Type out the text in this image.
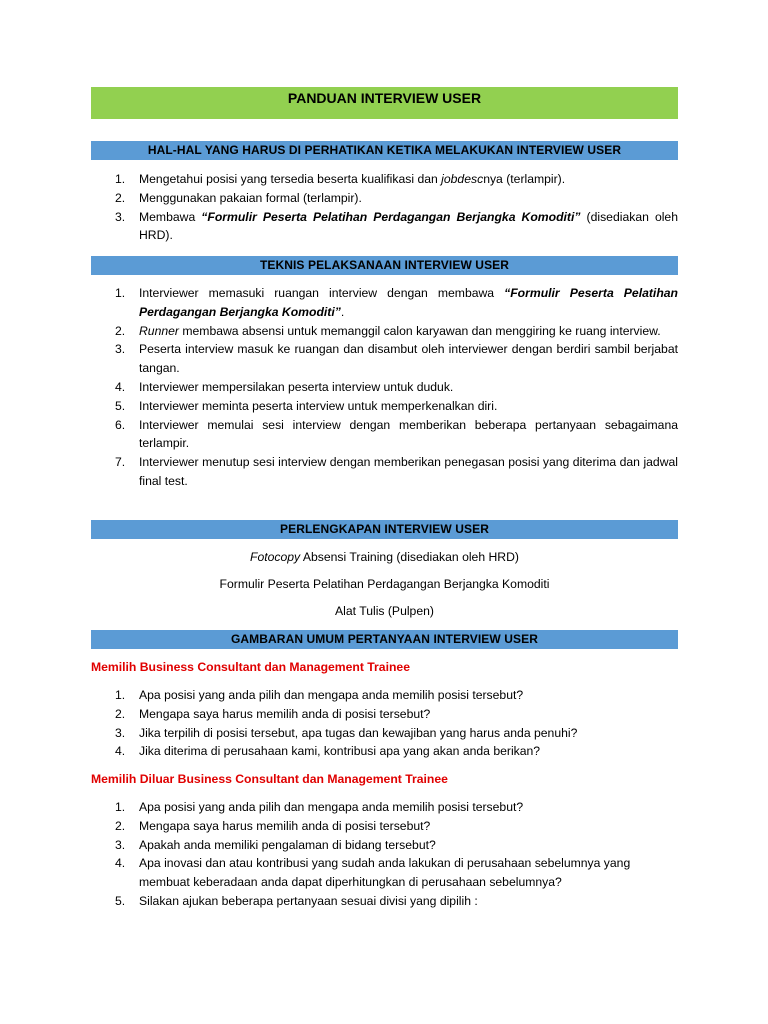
PANDUAN INTERVIEW USER
HAL-HAL YANG HARUS DI PERHATIKAN KETIKA MELAKUKAN INTERVIEW USER
1. Mengetahui posisi yang tersedia beserta kualifikasi dan jobdescnya (terlampir).
2. Menggunakan pakaian formal (terlampir).
3. Membawa “Formulir Peserta Pelatihan Perdagangan Berjangka Komoditi” (disediakan oleh HRD).
TEKNIS PELAKSANAAN INTERVIEW USER
1. Interviewer memasuki ruangan interview dengan membawa “Formulir Peserta Pelatihan Perdagangan Berjangka Komoditi”.
2. Runner membawa absensi untuk memanggil calon karyawan dan menggiring ke ruang interview.
3. Peserta interview masuk ke ruangan dan disambut oleh interviewer dengan berdiri sambil berjabat tangan.
4. Interviewer mempersilakan peserta interview untuk duduk.
5. Interviewer meminta peserta interview untuk memperkenalkan diri.
6. Interviewer memulai sesi interview dengan memberikan beberapa pertanyaan sebagaimana terlampir.
7. Interviewer menutup sesi interview dengan memberikan penegasan posisi yang diterima dan jadwal final test.
PERLENGKAPAN INTERVIEW USER
Fotocopy Absensi Training (disediakan oleh HRD)
Formulir Peserta Pelatihan Perdagangan Berjangka Komoditi
Alat Tulis (Pulpen)
GAMBARAN UMUM PERTANYAAN INTERVIEW USER
Memilih Business Consultant dan Management Trainee
1. Apa posisi yang anda pilih dan mengapa anda memilih posisi tersebut?
2. Mengapa saya harus memilih anda di posisi tersebut?
3. Jika terpilih di posisi tersebut, apa tugas dan kewajiban yang harus anda penuhi?
4. Jika diterima di perusahaan kami, kontribusi apa yang akan anda berikan?
Memilih Diluar Business Consultant dan Management Trainee
1. Apa posisi yang anda pilih dan mengapa anda memilih posisi tersebut?
2. Mengapa saya harus memilih anda di posisi tersebut?
3. Apakah anda memiliki pengalaman di bidang tersebut?
4. Apa inovasi dan atau kontribusi yang sudah anda lakukan di perusahaan sebelumnya yang membuat keberadaan anda dapat diperhitungkan di perusahaan sebelumnya?
5. Silakan ajukan beberapa pertanyaan sesuai divisi yang dipilih :
